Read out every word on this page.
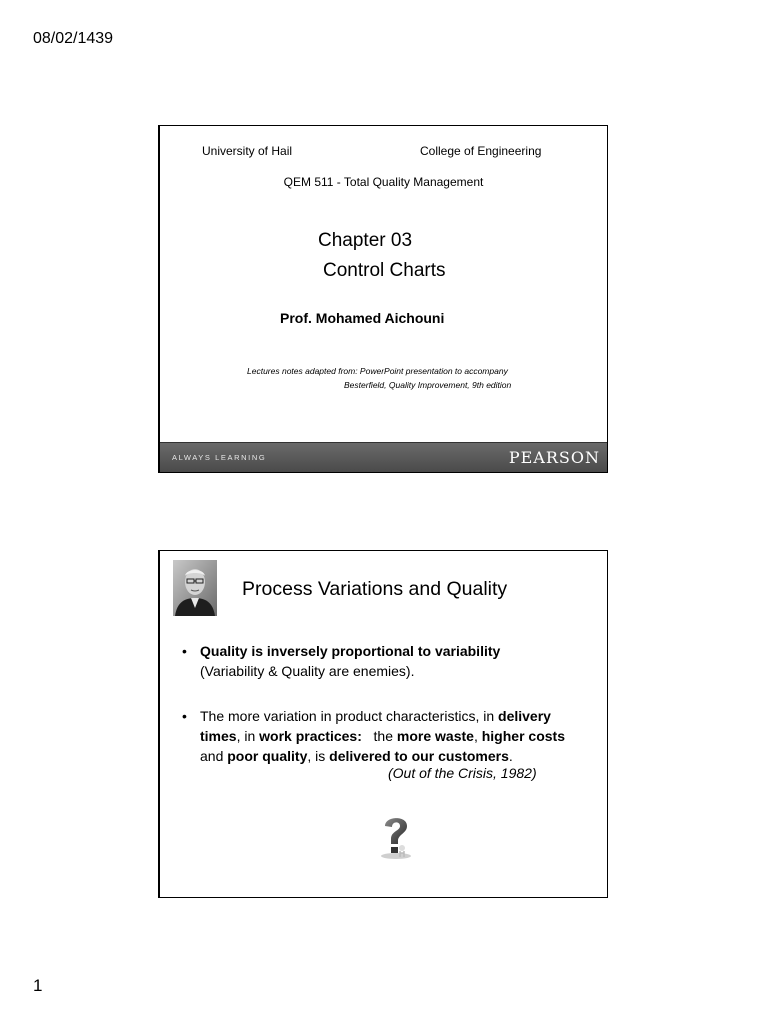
08/02/1439
University of Hail	College of Engineering
QEM 511 - Total Quality Management
Chapter 03
Control Charts
Prof. Mohamed Aichouni
Lectures notes adapted from: PowerPoint presentation to accompany
Besterfield, Quality Improvement, 9th edition
ALWAYS LEARNING	PEARSON
Process Variations and Quality
• Quality is inversely proportional to variability
(Variability & Quality are enemies).
• The more variation in product characteristics, in delivery times, in work practices:   the more waste, higher costs and poor quality, is delivered to our customers.
(Out of the Crisis, 1982)
1
